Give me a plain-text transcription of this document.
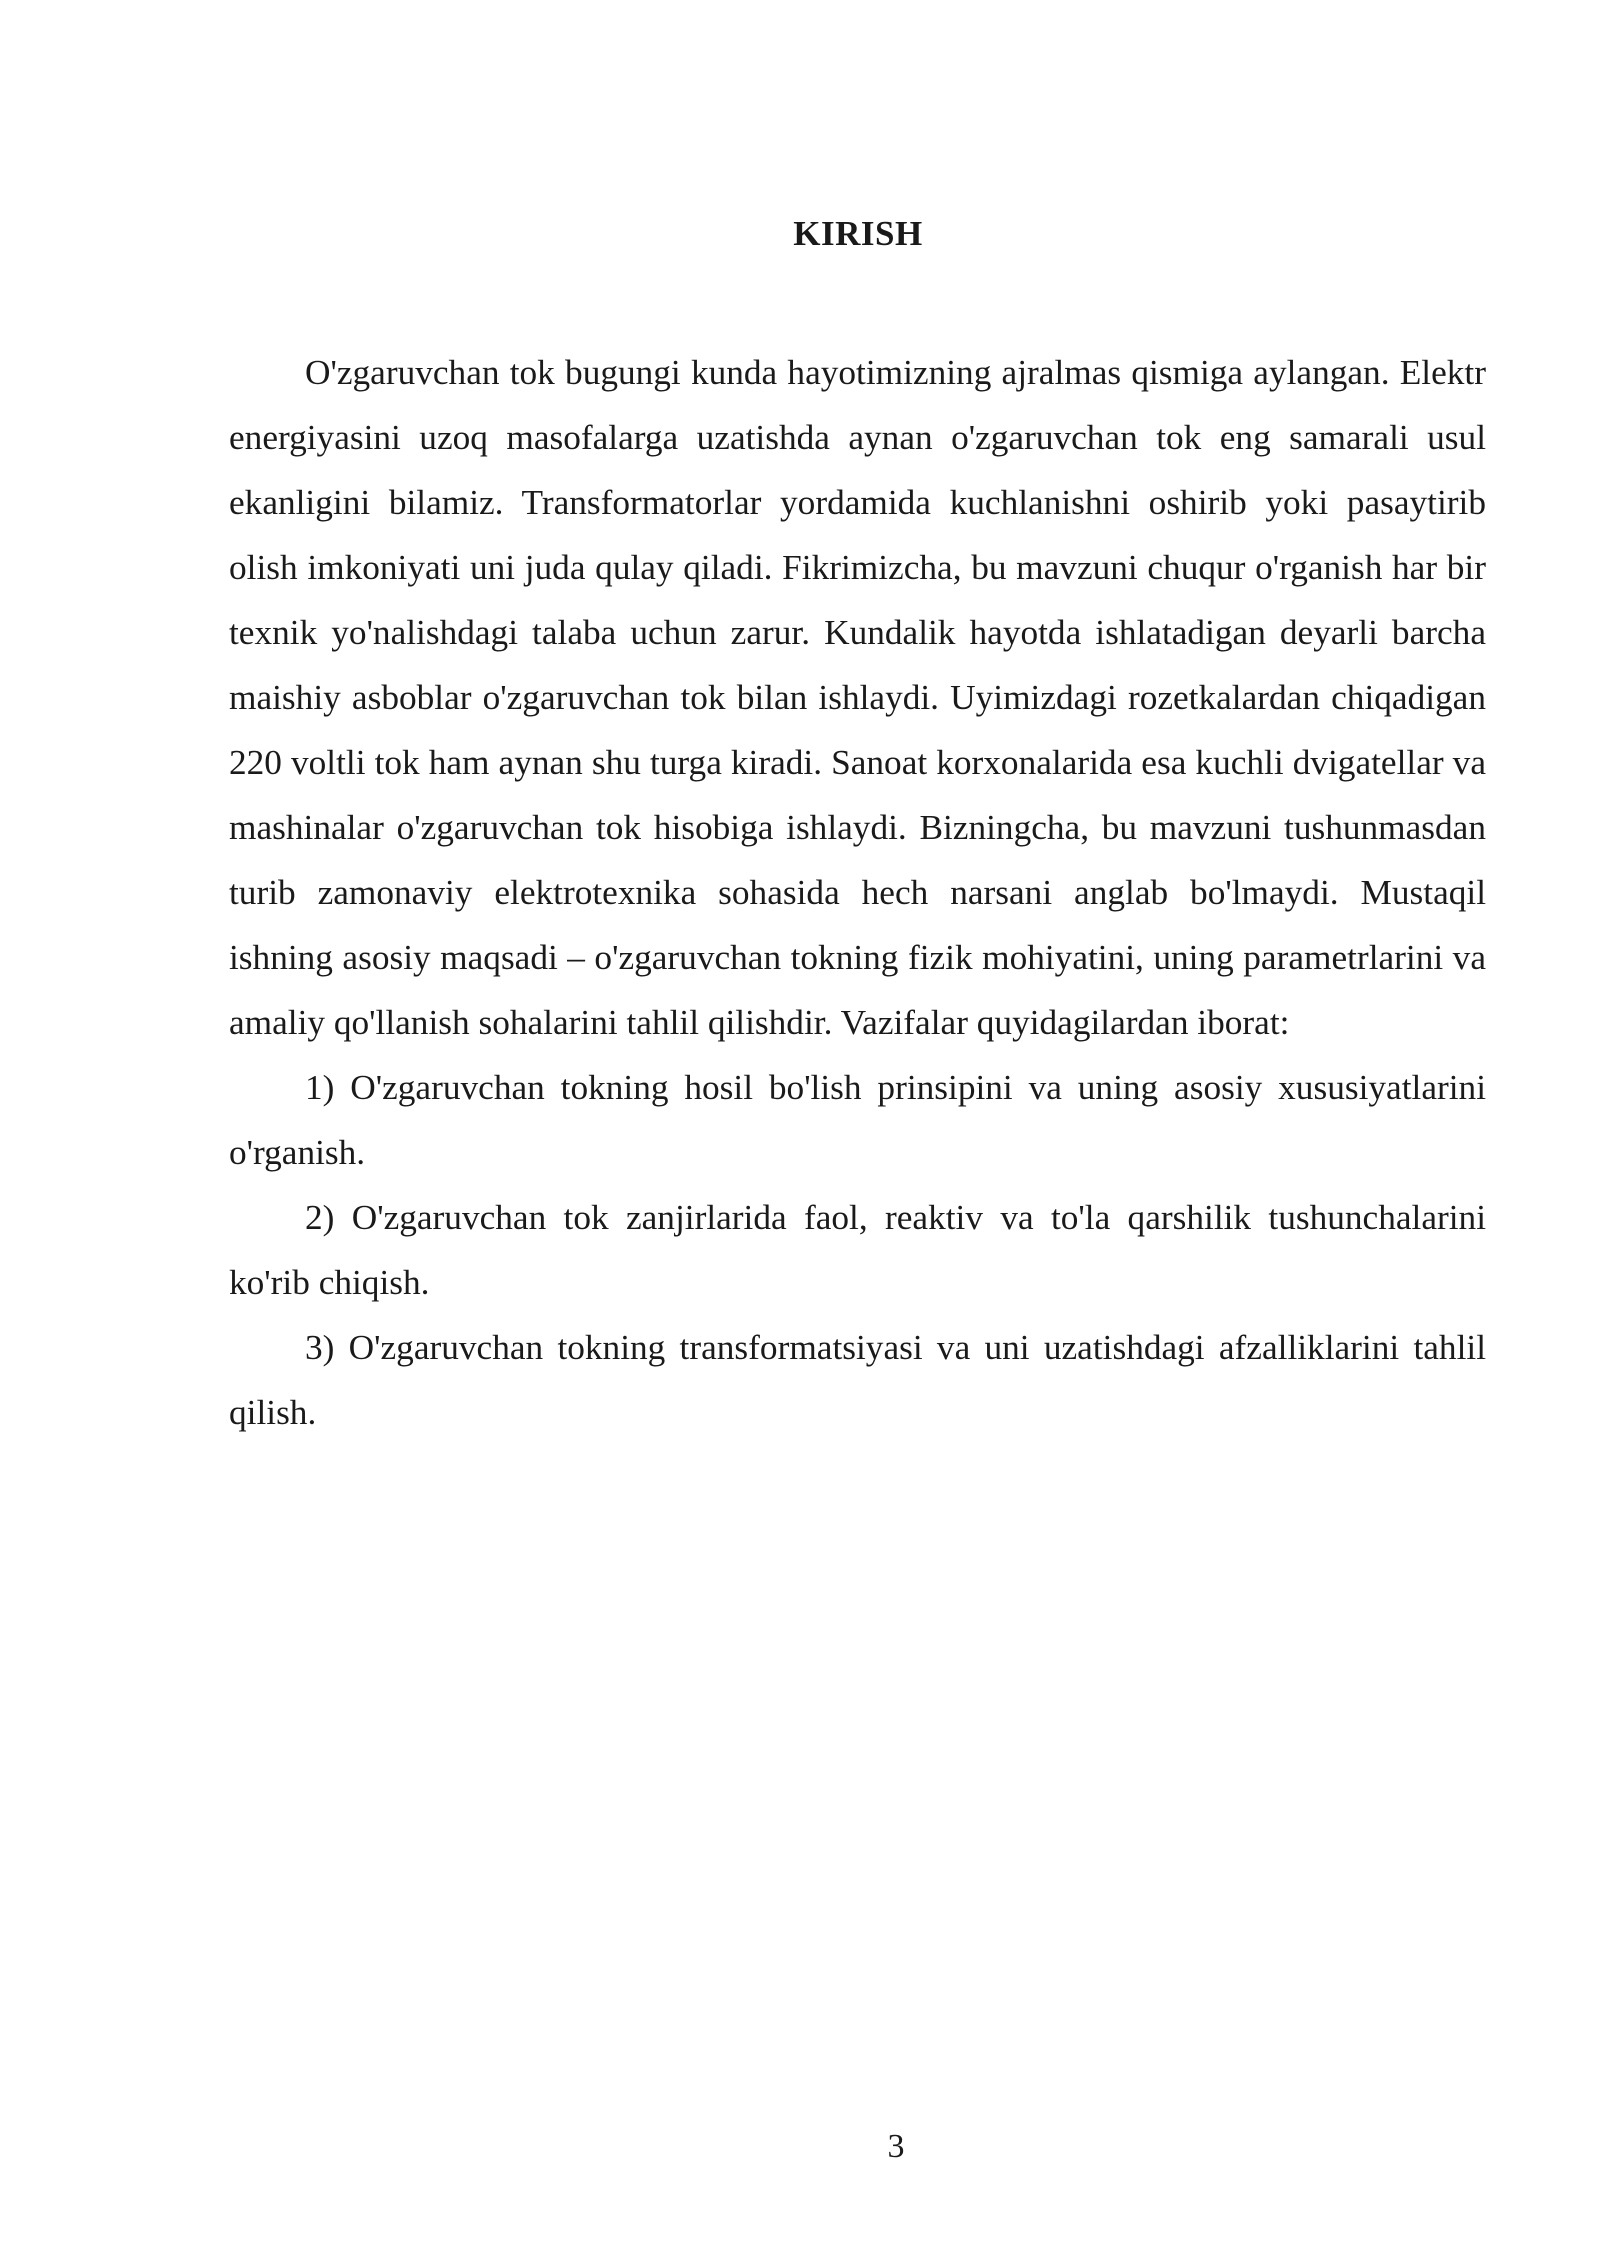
KIRISH

O'zgaruvchan tok bugungi kunda hayotimizning ajralmas qismiga aylangan. Elektr energiyasini uzoq masofalarga uzatishda aynan o'zgaruvchan tok eng samarali usul ekanligini bilamiz. Transformatorlar yordamida kuchlanishni oshirib yoki pasaytirib olish imkoniyati uni juda qulay qiladi. Fikrimizcha, bu mavzuni chuqur o'rganish har bir texnik yo'nalishdagi talaba uchun zarur. Kundalik hayotda ishlatadigan deyarli barcha maishiy asboblar o'zgaruvchan tok bilan ishlaydi. Uyimizdagi rozetkalardan chiqadigan 220 voltli tok ham aynan shu turga kiradi. Sanoat korxonalarida esa kuchli dvigatellar va mashinalar o'zgaruvchan tok hisobiga ishlaydi. Bizningcha, bu mavzuni tushunmasdan turib zamonaviy elektrotexnika sohasida hech narsani anglab bo'lmaydi. Mustaqil ishning asosiy maqsadi – o'zgaruvchan tokning fizik mohiyatini, uning parametrlarini va amaliy qo'llanish sohalarini tahlil qilishdir. Vazifalar quyidagilardan iborat:

1) O'zgaruvchan tokning hosil bo'lish prinsipini va uning asosiy xususiyatlarini o'rganish.

2) O'zgaruvchan tok zanjirlarida faol, reaktiv va to'la qarshilik tushunchalarini ko'rib chiqish.

3) O'zgaruvchan tokning transformatsiyasi va uni uzatishdagi afzalliklarini tahlil qilish.

3
